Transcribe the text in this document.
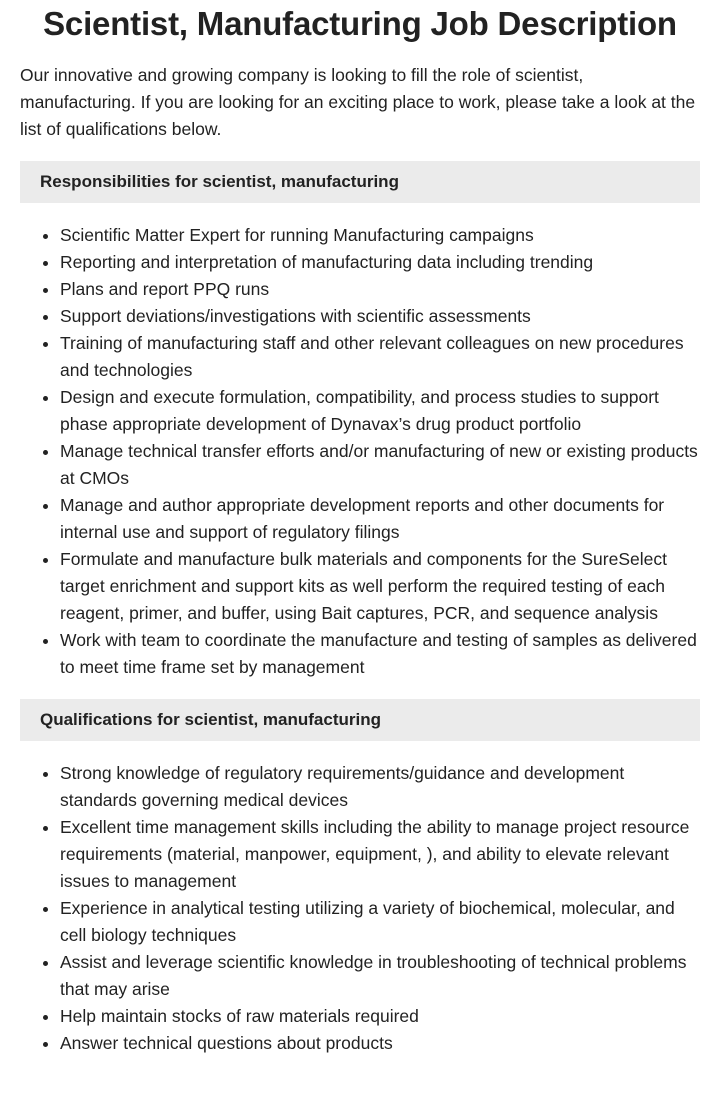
Scientist, Manufacturing Job Description

Our innovative and growing company is looking to fill the role of scientist, manufacturing. If you are looking for an exciting place to work, please take a look at the list of qualifications below.

Responsibilities for scientist, manufacturing
• Scientific Matter Expert for running Manufacturing campaigns
• Reporting and interpretation of manufacturing data including trending
• Plans and report PPQ runs
• Support deviations/investigations with scientific assessments
• Training of manufacturing staff and other relevant colleagues on new procedures and technologies
• Design and execute formulation, compatibility, and process studies to support phase appropriate development of Dynavax’s drug product portfolio
• Manage technical transfer efforts and/or manufacturing of new or existing products at CMOs
• Manage and author appropriate development reports and other documents for internal use and support of regulatory filings
• Formulate and manufacture bulk materials and components for the SureSelect target enrichment and support kits as well perform the required testing of each reagent, primer, and buffer, using Bait captures, PCR, and sequence analysis
• Work with team to coordinate the manufacture and testing of samples as delivered to meet time frame set by management
Qualifications for scientist, manufacturing
• Strong knowledge of regulatory requirements/guidance and development standards governing medical devices
• Excellent time management skills including the ability to manage project resource requirements (material, manpower, equipment, ), and ability to elevate relevant issues to management
• Experience in analytical testing utilizing a variety of biochemical, molecular, and cell biology techniques
• Assist and leverage scientific knowledge in troubleshooting of technical problems that may arise
• Help maintain stocks of raw materials required
• Answer technical questions about products
